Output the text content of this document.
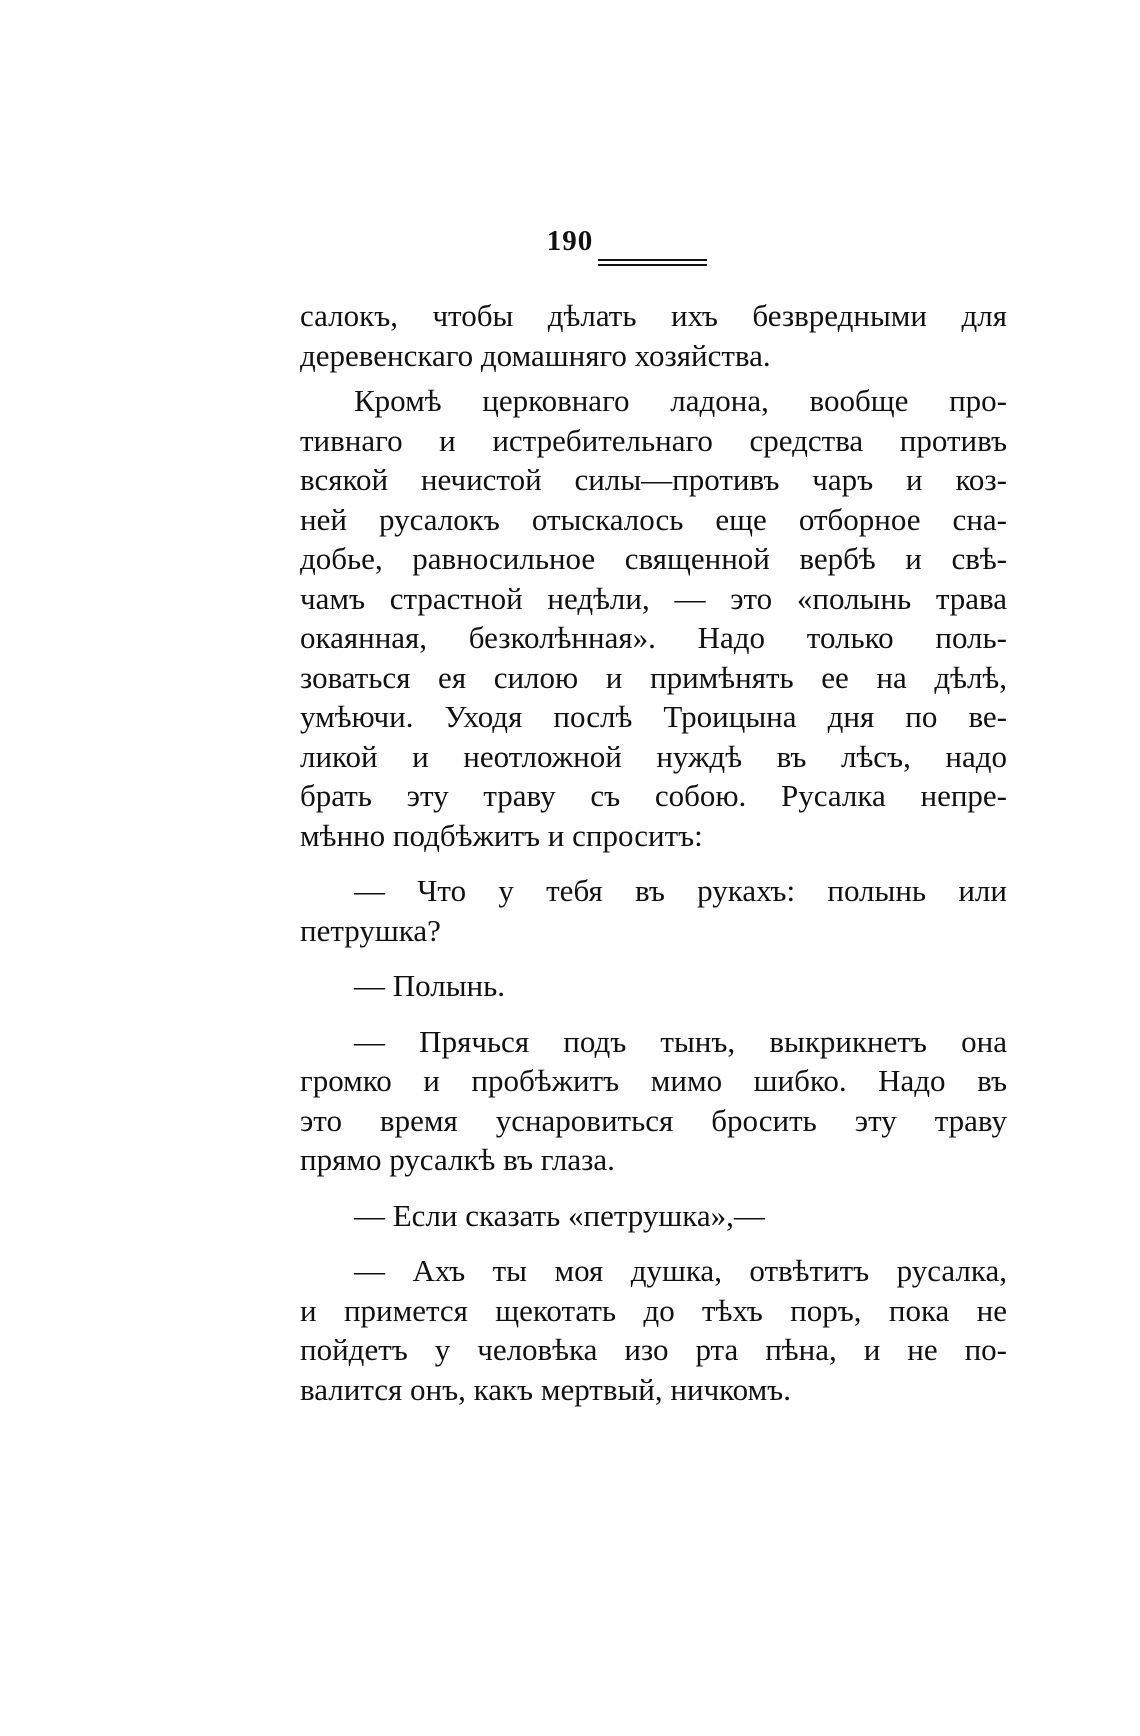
190
салокъ, чтобы дѣлать ихъ безвредными для
деревенскаго домашняго хозяйства.
Кромѣ церковнаго ладона, вообще про-
тивнаго и истребительнаго средства противъ
всякой нечистой силы—противъ чаръ и коз-
ней русалокъ отыскалось еще отборное сна-
добье, равносильное священной вербѣ и свѣ-
чамъ страстной недѣли, — это «полынь трава
окаянная, безколѣнная». Надо только поль-
зоваться ея силою и примѣнять ее на дѣлѣ,
умѣючи. Уходя послѣ Троицына дня по ве-
ликой и неотложной нуждѣ въ лѣсъ, надо
брать эту траву съ собою. Русалка непре-
мѣнно подбѣжитъ и спроситъ:
— Что у тебя въ рукахъ: полынь или
петрушка?
— Полынь.
— Прячься подъ тынъ, выкрикнетъ она
громко и пробѣжитъ мимо шибко. Надо въ
это время уснаровиться бросить эту траву
прямо русалкѣ въ глаза.
— Если сказать «петрушка»,—
— Ахъ ты моя душка, отвѣтитъ русалка,
и примется щекотать до тѣхъ поръ, пока не
пойдетъ у человѣка изо рта пѣна, и не по-
валится онъ, какъ мертвый, ничкомъ.
